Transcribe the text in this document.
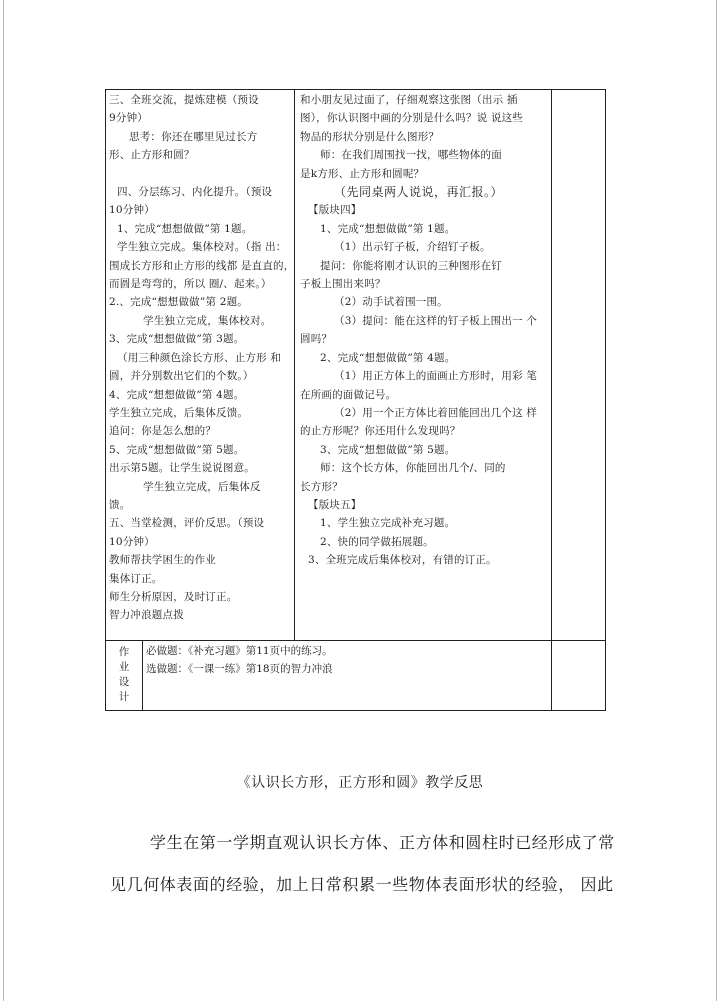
三、全班交流，提炼建模（预设

9分钟）

思考：你还在哪里见过长方

形、止方形和圆？

四、分层练习、内化提升。（预设

10分钟）

1、完成“想想做做”第 1题。

学生独立完成。集体校对。（指 出：

围成长方形和止方形的线都 是直直的，

而圆是弯弯的，所以 圈/、起来。）

2.、完成“想想做做”第 2题。

学生独立完成，集体校对。

3、完成“想想做做”第 3题。

（用三种颜色涂长方形、止方形 和

圆，并分别数出它们的个数。）

4、完成“想想做做”第 4题。

学生独立完成，后集体反馈。

追问：你是怎么想的？

5、完成“想想做做”第 5题。

出示第5题。让学生说说图意。

学生独立完成，后集体反

馈。

五、当堂检测，评价反思。（预设

10分钟）

教师帮扶学困生的作业

集体订正。

师生分析原因，及时订正。

智力冲浪题点拨

和小朋友见过面了，仔细观察这张图（出示 插

图），你认识图中画的分别是什么吗？说 说这些

物品的形状分别是什么图形？

师：在我们周围找一找，哪些物体的面

是k方形、止方形和圆呢？

（先同桌两人说说，再汇报。）

【版块四】

1、完成“想想做做”第 1题。

（1）出示钉子板，介绍钉子板。

提问：你能将刚才认识的三种图形在钉

子板上围出来吗？

（2）动手试着围一围。

（3）提问：能在这样的钉子板上围出一 个

圆吗？

2、完成“想想做做”第 4题。

（1）用正方体上的面画止方形时，用彩 笔

在所画的面做记号。

（2）用一个正方体比着回能回出几个这 样

的止方形呢？你还用什么发现吗？

3、完成“想想做做”第 5题。

师：这个长方体，你能回出几个/、同的

长方形？

【版块五】

1、学生独立完成补充习题。

2、快的同学做拓展题。

3、全班完成后集体校对，有错的订正。

作
业
设
计

必做题：《补充习题》第11页中的练习。

选做题：《一课一练》第18页的智力冲浪

《认识长方形，正方形和圆》教学反思

学生在第一学期直观认识长方体、正方体和圆柱时已经形成了常

见几何体表面的经验，加上日常积累一些物体表面形状的经验， 因此
